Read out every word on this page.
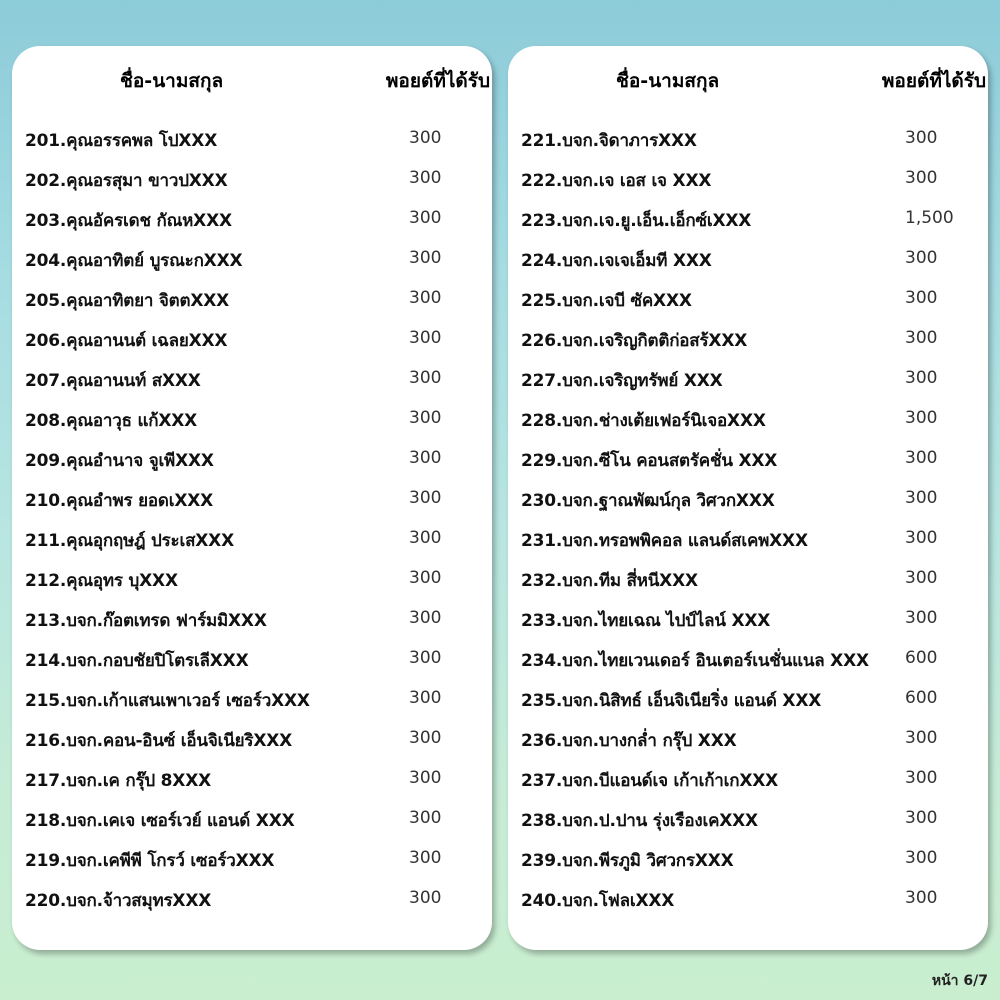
ชื่อ-นามสกุล	พอยต์ที่ได้รับ
201.คุณอรรคพล โปXXX	300
202.คุณอรสุมา ขาวปXXX	300
203.คุณอัครเดช กัณหXXX	300
204.คุณอาทิตย์ บูรณะกXXX	300
205.คุณอาทิตยา จิตตXXX	300
206.คุณอานนต์ เฉลยXXX	300
207.คุณอานนท์ สXXX	300
208.คุณอาวุธ แก้XXX	300
209.คุณอำนาจ จูเพีXXX	300
210.คุณอำพร ยอดเXXX	300
211.คุณอุกฤษฎ์ ประเสXXX	300
212.คุณอุทร บุXXX	300
213.บจก.ก๊อตเทรด ฟาร์มมิXXX	300
214.บจก.กอบชัยปิโตรเลีXXX	300
215.บจก.เก้าแสนเพาเวอร์ เซอร์วXXX	300
216.บจก.คอน-อินซ์ เอ็นจิเนียริXXX	300
217.บจก.เค กรุ๊ป 8XXX	300
218.บจก.เคเจ เซอร์เวย์ แอนด์ XXX	300
219.บจก.เคพีพี โกรว์ เซอร์วXXX	300
220.บจก.จ้าวสมุทรXXX	300
ชื่อ-นามสกุล	พอยต์ที่ได้รับ
221.บจก.จิดาภารXXX	300
222.บจก.เจ เอส เจ XXX	300
223.บจก.เจ.ยู.เอ็น.เอ็กซ์เXXX	1,500
224.บจก.เจเจเอ็มที XXX	300
225.บจก.เจบี ซัคXXX	300
226.บจก.เจริญกิตติก่อสร้XXX	300
227.บจก.เจริญทรัพย์ XXX	300
228.บจก.ช่างเต้ยเฟอร์นิเจอXXX	300
229.บจก.ซีโน คอนสตรัคชั่น XXX	300
230.บจก.ฐาณพัฒน์กุล วิศวกXXX	300
231.บจก.ทรอพพิคอล แลนด์สเคพXXX	300
232.บจก.ทีม สี่หนีXXX	300
233.บจก.ไทยเฉณ ไปป์ไลน์ XXX	300
234.บจก.ไทยเวนเดอร์ อินเตอร์เนชั่นแนล XXX 600
235.บจก.นิสิทธ์ เอ็นจิเนียริ่ง แอนด์ XXX	600
236.บจก.บางกล่ำ กรุ๊ป XXX	300
237.บจก.บีแอนด์เจ เก้าเก้าเกXXX	300
238.บจก.ป.ปาน รุ่งเรืองเคXXX	300
239.บจก.พีรภูมิ วิศวกรXXX	300
240.บจก.โฟลเXXX	300
หน้า 6/7
